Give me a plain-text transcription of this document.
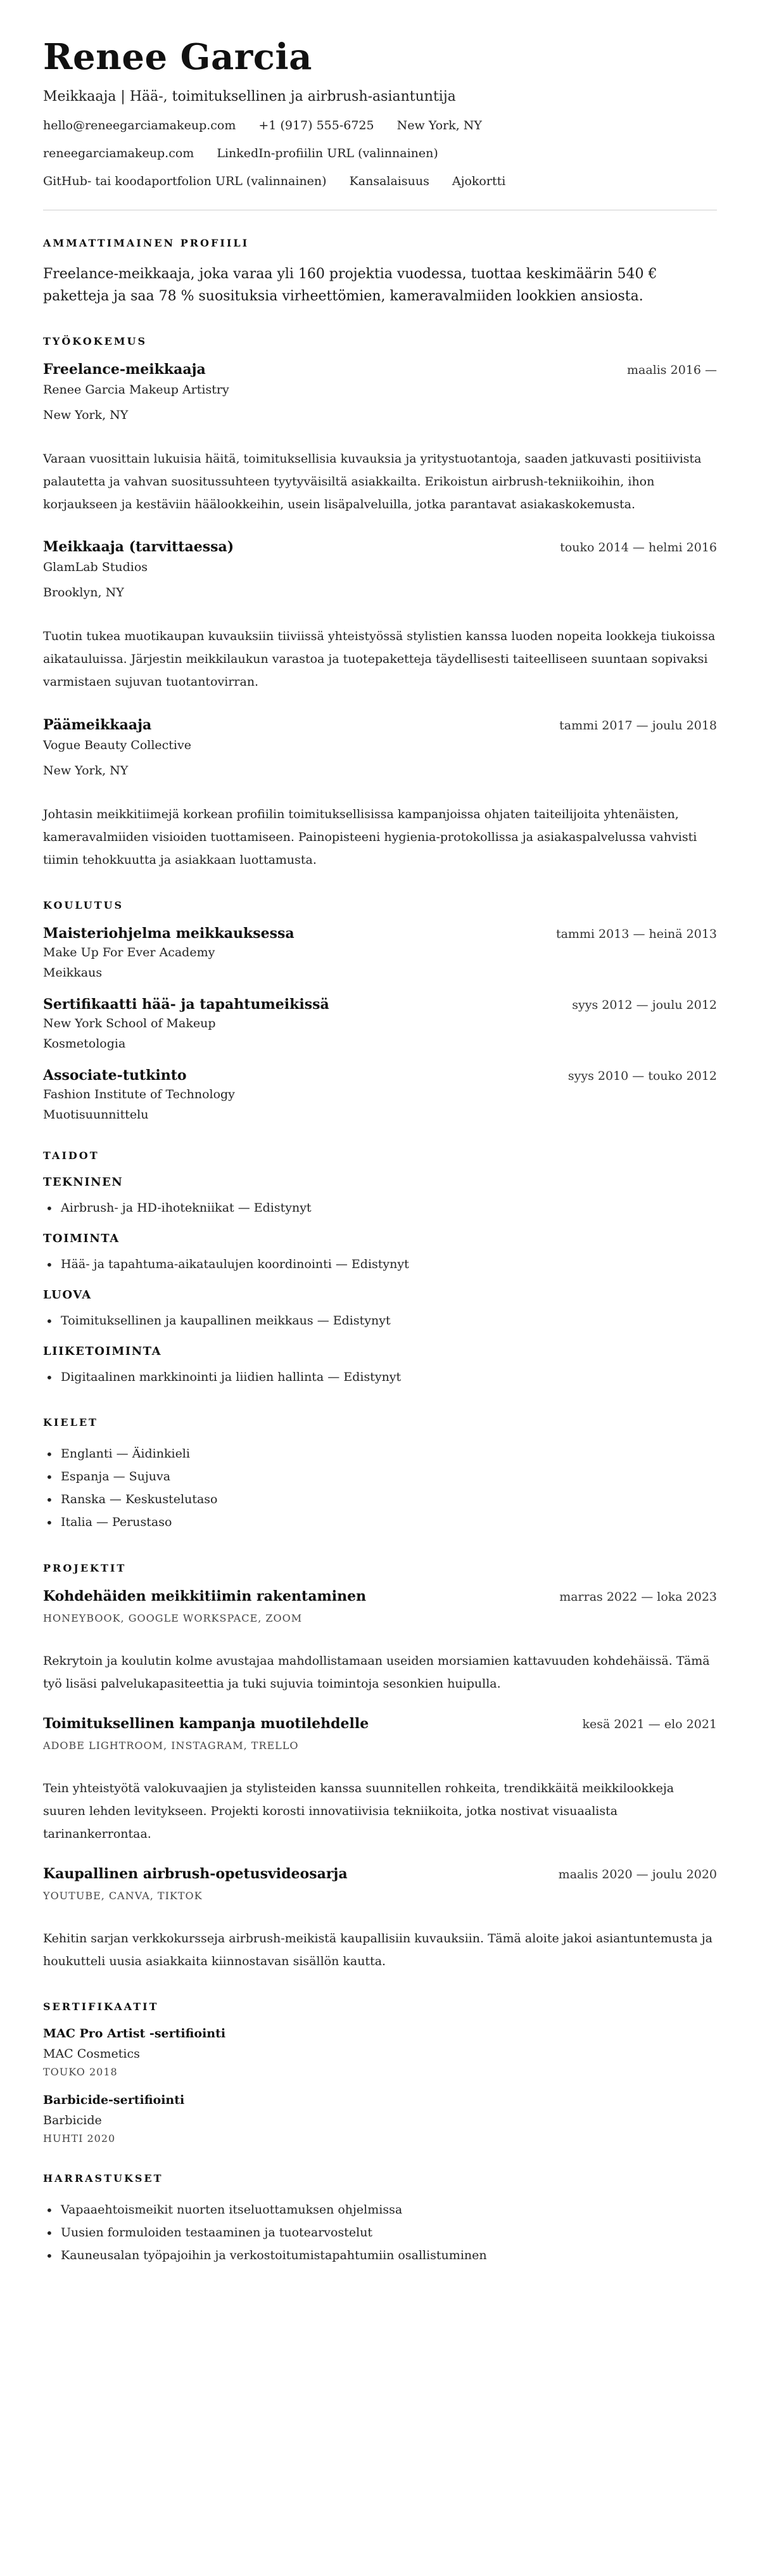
Renee Garcia
Meikkaaja | Hää-, toimituksellinen ja airbrush-asiantuntija
hello@reneegarciamakeup.com +1 (917) 555-6725 New York, NY
reneegarciamakeup.com LinkedIn-profiilin URL (valinnainen)
GitHub- tai koodaportfolion URL (valinnainen) Kansalaisuus Ajokortti
AMMATTIMAINEN PROFIILI

Freelance-meikkaaja, joka varaa yli 160 projektia vuodessa, tuottaa keskimäärin 540 € paketteja ja saa 78 % suosituksia virheettömien, kameravalmiiden lookkien ansiosta.

TYÖKOKEMUS
Freelance-meikkaaja	maalis 2016 —
Renee Garcia Makeup Artistry
New York, NY

Varaan vuosittain lukuisia häitä, toimituksellisia kuvauksia ja yritystuotantoja, saaden jatkuvasti positiivista palautetta ja vahvan suositussuhteen tyytyväisiltä asiakkailta. Erikoistun airbrush-tekniikoihin, ihon korjaukseen ja kestäviin häälookkeihin, usein lisäpalveluilla, jotka parantavat asiakaskokemusta.

Meikkaaja (tarvittaessa)	touko 2014 — helmi 2016
GlamLab Studios
Brooklyn, NY

Tuotin tukea muotikaupan kuvauksiin tiiviissä yhteistyössä stylistien kanssa luoden nopeita lookkeja tiukoissa aikatauluissa. Järjestin meikkilaukun varastoa ja tuotepaketteja täydellisesti taiteelliseen suuntaan sopivaksi varmistaen sujuvan tuotantovirran.

Päämeikkaaja	tammi 2017 — joulu 2018
Vogue Beauty Collective
New York, NY

Johtasin meikkitiimejä korkean profiilin toimituksellisissa kampanjoissa ohjaten taiteilijoita yhtenäisten, kameravalmiiden visioiden tuottamiseen. Painopisteeni hygienia-protokollissa ja asiakaspalvelussa vahvisti tiimin tehokkuutta ja asiakkaan luottamusta.

KOULUTUS
Maisteriohjelma meikkauksessa	tammi 2013 — heinä 2013
Make Up For Ever Academy
Meikkaus
Sertifikaatti hää- ja tapahtumeikissä	syys 2012 — joulu 2012
New York School of Makeup
Kosmetologia
Associate-tutkinto	syys 2010 — touko 2012
Fashion Institute of Technology
Muotisuunnittelu
TAIDOT
TEKNINEN
• Airbrush- ja HD-ihotekniikat — Edistynyt
TOIMINTA
• Hää- ja tapahtuma-aikataulujen koordinointi — Edistynyt
LUOVA
• Toimituksellinen ja kaupallinen meikkaus — Edistynyt
LIIKETOIMINTA
• Digitaalinen markkinointi ja liidien hallinta — Edistynyt
KIELET
• Englanti — Äidinkieli
• Espanja — Sujuva
• Ranska — Keskustelutaso
• Italia — Perustaso
PROJEKTIT
Kohdehäiden meikkitiimin rakentaminen	marras 2022 — loka 2023
HONEYBOOK, GOOGLE WORKSPACE, ZOOM

Rekrytoin ja koulutin kolme avustajaa mahdollistamaan useiden morsiamien kattavuuden kohdehäissä. Tämä työ lisäsi palvelukapasiteettia ja tuki sujuvia toimintoja sesonkien huipulla.

Toimituksellinen kampanja muotilehdelle	kesä 2021 — elo 2021
ADOBE LIGHTROOM, INSTAGRAM, TRELLO

Tein yhteistyötä valokuvaajien ja stylisteiden kanssa suunnitellen rohkeita, trendikkäitä meikkilookkeja suuren lehden levitykseen. Projekti korosti innovatiivisia tekniikoita, jotka nostivat visuaalista tarinankerrontaa.

Kaupallinen airbrush-opetusvideosarja	maalis 2020 — joulu 2020
YOUTUBE, CANVA, TIKTOK

Kehitin sarjan verkkokursseja airbrush-meikistä kaupallisiin kuvauksiin. Tämä aloite jakoi asiantuntemusta ja houkutteli uusia asiakkaita kiinnostavan sisällön kautta.

SERTIFIKAATIT
MAC Pro Artist -sertifiointi
MAC Cosmetics
TOUKO 2018
Barbicide-sertifiointi
Barbicide
HUHTI 2020
HARRASTUKSET
• Vapaaehtoismeikit nuorten itseluottamuksen ohjelmissa
• Uusien formuloiden testaaminen ja tuotearvostelut
• Kauneusalan työpajoihin ja verkostoitumistapahtumiin osallistuminen
